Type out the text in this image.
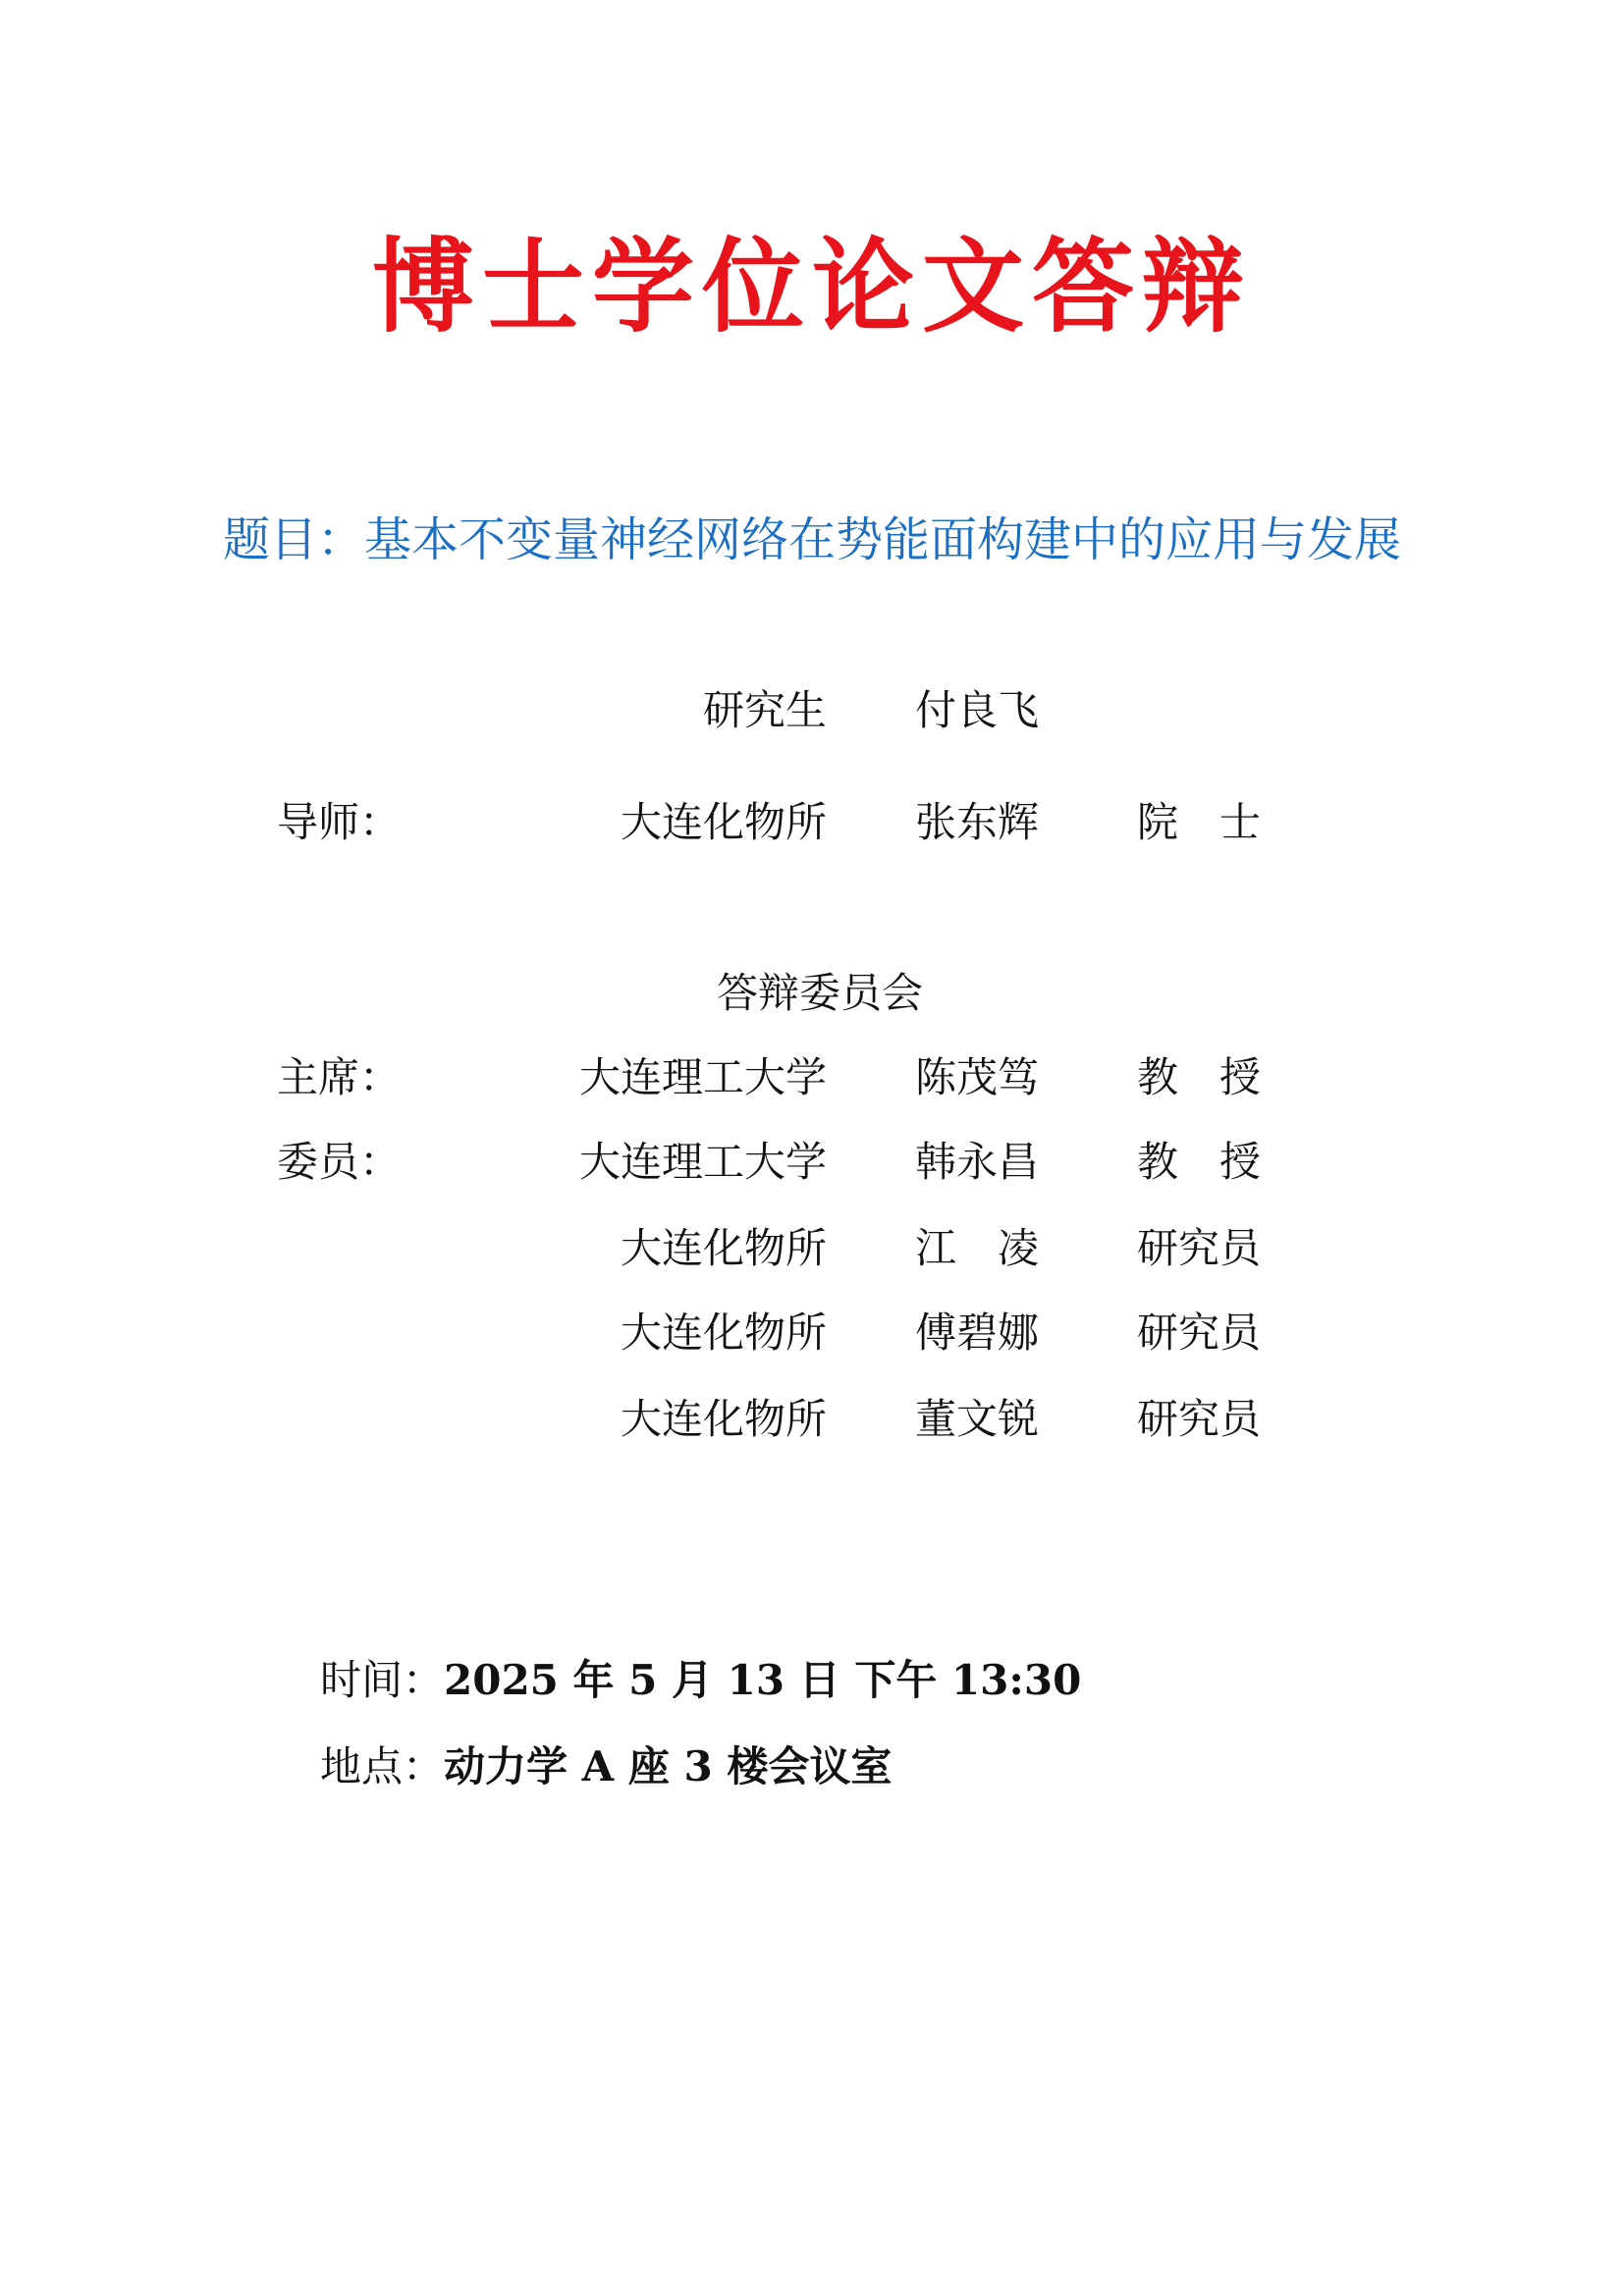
博士学位论文答辩
题目：基本不变量神经网络在势能面构建中的应用与发展
研究生 付良飞
导师：	大连化物所 张东辉 院　士
答辩委员会
主席：	大连理工大学 陈茂笃 教　授
委员：	大连理工大学 韩永昌 教　授
大连化物所 江　凌 研究员
大连化物所 傅碧娜 研究员
大连化物所 董文锐 研究员
时间：2025 年 5 月 13 日 下午 13:30
地点：动力学 A 座 3 楼会议室
